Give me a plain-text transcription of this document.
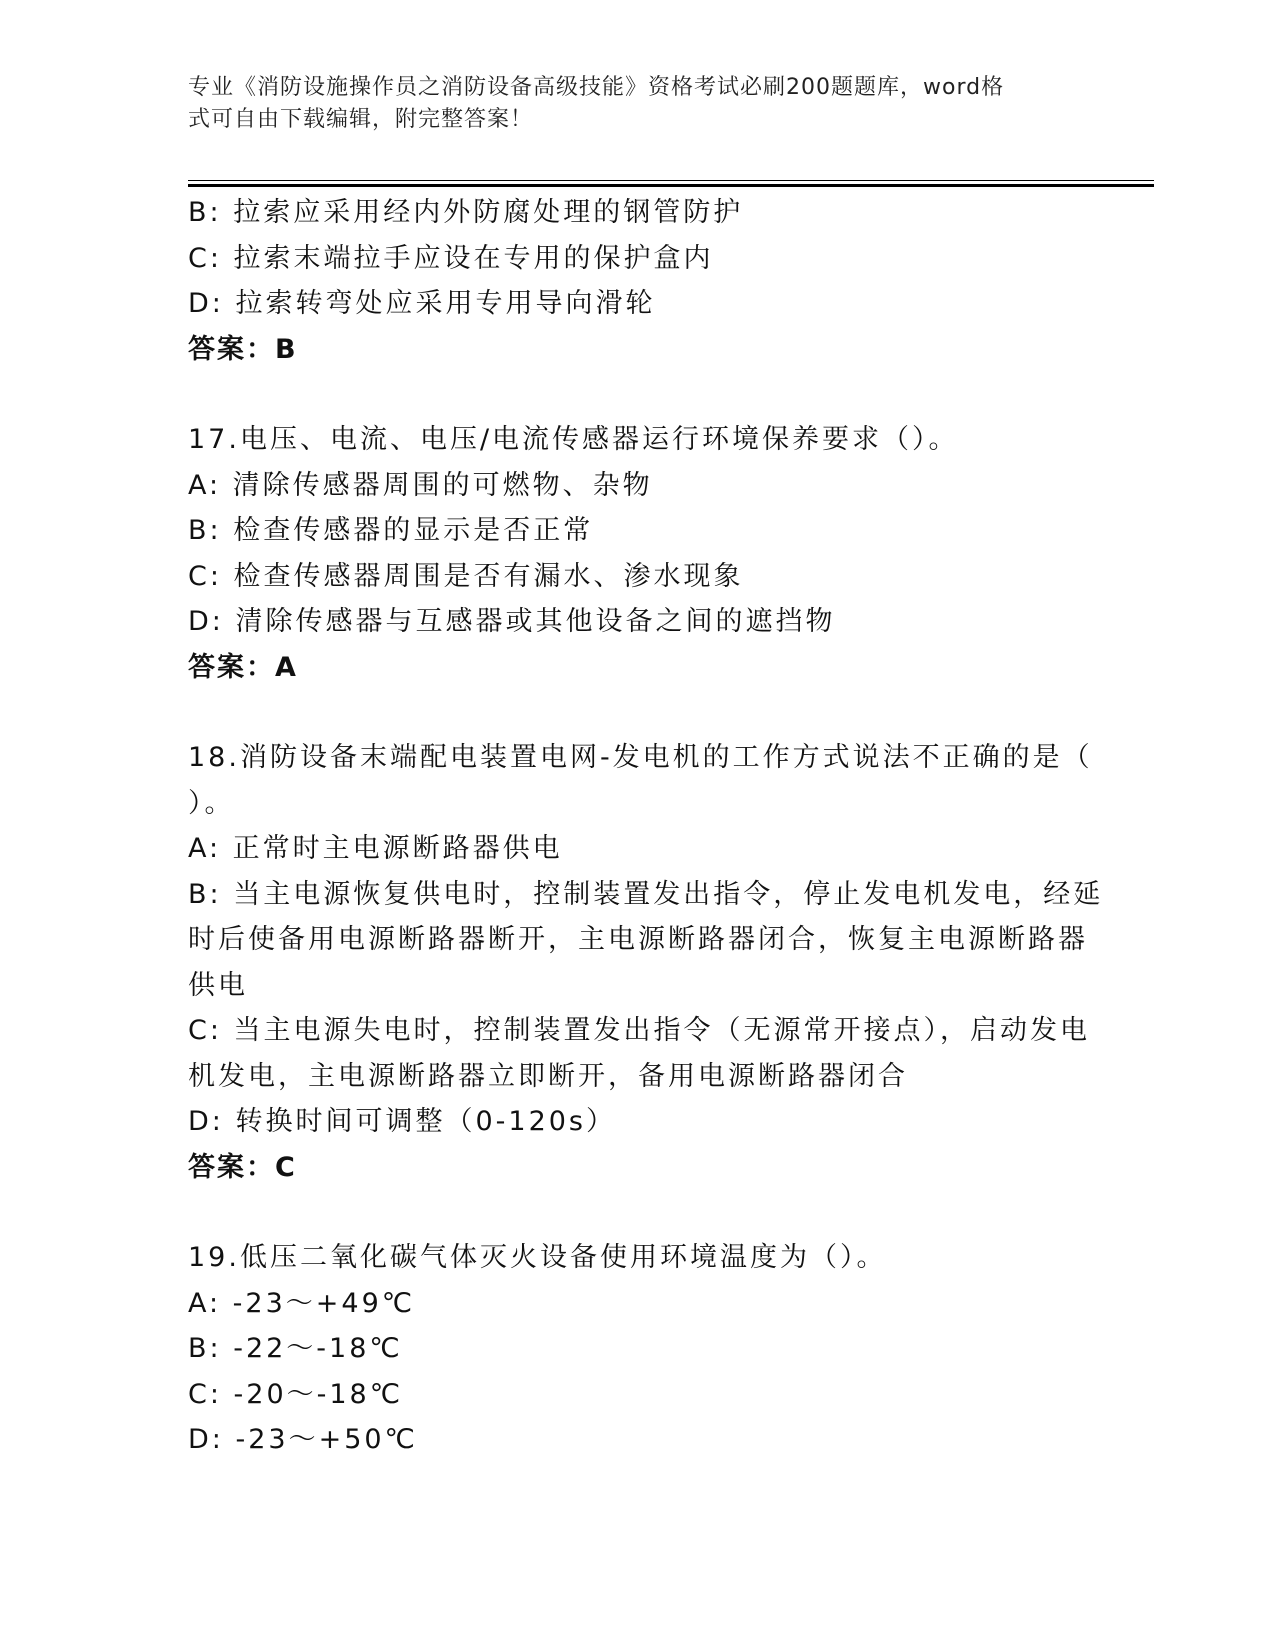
专业《消防设施操作员之消防设备高级技能》资格考试必刷200题题库，word格
式可自由下载编辑，附完整答案！

B: 拉索应采用经内外防腐处理的钢管防护

C: 拉索末端拉手应设在专用的保护盒内

D: 拉索转弯处应采用专用导向滑轮

答案：B

17.电压、电流、电压/电流传感器运行环境保养要求（）。

A: 清除传感器周围的可燃物、杂物

B: 检查传感器的显示是否正常

C: 检查传感器周围是否有漏水、渗水现象

D: 清除传感器与互感器或其他设备之间的遮挡物

答案：A

18.消防设备末端配电装置电网-发电机的工作方式说法不正确的是（

）。

A: 正常时主电源断路器供电

B: 当主电源恢复供电时，控制装置发出指令，停止发电机发电，经延

时后使备用电源断路器断开，主电源断路器闭合，恢复主电源断路器

供电

C: 当主电源失电时，控制装置发出指令（无源常开接点），启动发电

机发电，主电源断路器立即断开，备用电源断路器闭合

D: 转换时间可调整（0-120s）

答案：C

19.低压二氧化碳气体灭火设备使用环境温度为（）。

A: -23～+49℃

B: -22～-18℃

C: -20～-18℃

D: -23～+50℃
